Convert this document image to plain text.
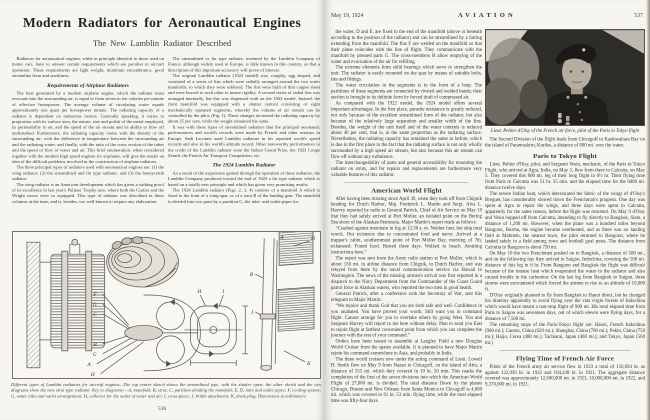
Modern Radiators for Aeronautical Engines
The New Lamblin Radiator Described

Radiators for aeronautical engines, while in principle identical to those used on motor cars, have to answer certain requirements which are peculiar to aircraft operation. These requirements are light weight, minimum encumbrance, good streamline form and sturdiness.

Requirements of Airplane Radiators

The heat generated by a modern airplane engine, which the radiator must evacuate into the surrounding air, is equal to from seven to ten calories per minute of effective horsepower. The average volume of circulating water equals approximately one quart per horsepower minute. The radiating capacity of a radiator is dependent on numerous factors. Generally speaking, it varies in proportion with its surface area, the nature, size and polish of the metal employed, its permeability to air, and the speed of the air stream and its ability to flow off undisturbed. Furthermore, the radiating capacity varies with the density of the surrounding air; with the difference in temperature between the surrounding air and the radiating water; and finally, with the ratio of the cross section of the tubes and the speed of flow of water and air. This brief enumeration, when considered together with the modern high speed engines for airplanes, will give the reader an idea of the difficult problems involved in the construction of airplane radiators.

The three principal types of radiators used with aeronautical engines are: (1) the wing radiator; (2) the streamlined and fin type radiator; and (3) the honeycomb radiator.

The wing radiator is an American development which has given a striking proof of its excellence in last year's Pulitzer Trophy race, where both the Curtiss and the Wright racers were so equipped. This type of radiator was described in these columns at the time, and is, besides, too well known to require any elaboration.

The streamlined or fin type radiator, invented by the Lamblin Company of France, although widely used in Europe, is little known in this country, so that a description of this important accessory will prove of interest.

The original Lamblin radiator (1922 model) was, roughly, egg shaped, and consisted of a series of fins which were radially arranged around the two water manifolds, to which they were soldered. The fins were built of thin copper sheet and were braced to each other to insure rigidity. A second series of radial fins was arranged internally, but this was dispensed with on the 1923 model. Instead, the front manifold was equipped with a shutter control consisting of eight mechanically operated segments, whereby the volume of air stream can be controlled by the pilot. (Fig. 1). These changes increased the radiating capacity by about 25 per cent, while the weight remained the same.

It was with these types of streamlined radiators that the principal aeronautic performances and world's records were made by French and other aviators in Europe. Sadi Lecointe used Lamblin radiators in his repeated world's speed records and also in his world's altitude record. Other noteworthy performances to the credit of the Lamblin radiator were the Italian Grand Prize, the 1923 Coupe Zenith, the French Air Transport Competition, etc.

The 1924 Lamblin Radiator

As a result of the experience gained through the operation of these radiators, the Lamblin Company produced toward the end of 1923 a fin type radiator which is based on a totally new principle and which has given very promising results.

The 1924 Lamblin radiator (Figs. 2, 3, 4) consists of a manifold A which is fixed to the front of a wing-spar, or of a strut B of the landing gear. The manifold is divided into two parts by a partition C; the inlet- and outlet-pipes for

F
G
C
B
G
A
H
H	I
B
J
K
D
A

Different types of Lamblin radiators for aircraft engines—The top center sketch shows the streamlined type, with the shutter open; the other sketch and the two diagrams show the new strut type radiator. Key to diagrams:—A, manifold; B, strut; C, partition dividing the manifold; E, D, inlet and outlet pipes; F, cooling system; G, water inlet and outlet arrangement; H, collector for the outlet of water and air; I, cross-piece; J, bridle attachment; K, drain plug. Dimensions in millimeters

536
May 19, 1924	AVIATION	537

the water, D and E, are fixed to the end of the manifold (above or beneath according to the position of the radiator) and can be streamlined by a fairing extending from the manifold. The fins F are welded on the manifold so that their plane coincides with the line of flight. They communicate with the manifold by pressed parts G. The cross-members H allow emptying of the water and evacuation of the air for refilling.

The extreme elements form solid bearings which serve to strengthen the unit. The radiator is easily mounted on the spar by means of suitable bolts, ties and fittings.

The water circulation in the segments is in the form of a loop. The partitions of these segments are connected by riveted and welded bands; their section is brought to its definite form by forced draft of compressed air.

As compared with the 1922 model, the 1924 model offers several important advantages. In the first place, parasite resistance is greatly reduced, not only because of the excellent streamlined form of the radiator, but also because of the relatively large separation and smaller width of the fins. Besides, the weight of the unit itself and of the water contents is reduced about 40 per cent, that is, in the same proportion as the radiating surface. Nevertheless, the radiating capacity has remained the same as before, which is due in the first place to the fact that the radiating surface is not only wholly surrounded by a high speed air stream, but also because this air stream can flow off without any turbulence.

The interchangeability of parts and general accessibility for mounting the radiator on struts, and for repairs and replacements are furthermore very valuable features of this radiator.

American World Flight

After having been missing since April 30, when they took off from Chignik heading for Dutch Harbor, Maj. Frederick L. Martin and Sergt. Alva L. Harvey reported by radio to General Patrick, Chief of Air Service on May 10 that they had safely arrived at Port Moller, an isolated point on the Bering Sea shore of the Alaskan Peninsula. Major Martin's report reads as follows:

“Crashed against mountain in fog at 12:30 a. m. Neither hurt, but ship total wreck. Our existence due to concentrated food and nerve. Arrived at a trapper's cabin, southernmost point of Port Moller Bay, morning of 7th, exhausted. Found food. Rested three days. Walked to beach. Awaiting instructions here.”

The report was sent from the Army radio station at Port Moller, which is about 130 mi. in airline distance from Chignik, to Dutch Harbor, and was relayed from there by the naval communication service via Hawaii to Washington. The news of the missing airmen's arrival was first reported in a dispatch to the Navy Department from the Commander of the Coast Guard patrol force in Alaskan waters, who reported the two men in good health.

General Patrick, after a conference with the Secretary of War, sent this telegram to Major Martin:

“We rejoice and thank God that you are both safe and well. Confidence in you unabated. You have proved your worth. Still want you in command flight. Cannot arrange for you to overtake others by going West. You and Sergeant Harvey will report to me here without delay. Plan to send you East to rejoin flight at farthest convenient point from which you can complete the journey with the rest of your command.”

Orders have been issued to assemble at Langley Field a new Douglas World Cruiser from the spares available. It is planned to have Major Martin rejoin his command somewhere in Asia, and probably in India.

The three world cruisers now under the acting command of Lieut. Lowell H. Smith flew on May 9 from Nazan to Chicagoff, on the island of Attu, a distance of 555 mi. which they covered in 10 hr. 50 min. This marks the completion of the first of the seven divisions into which the American World Flight of 27,000 mi. is divided. The total distance flown by the planes Chicago, Boston and New Orleans from Santa Monica to Chicagoff is 4,600 mi. which was covered in 61 hr. 53 min. flying time, while the total elapsed time was fifty-four days.

Lieut. Peltier d'Oisy of the French air force, pilot of the Paris to Tokyo flight

The Second Division of the flight leads from Chicagoff to Kashiwabara Bay on the island of Paramushiru, Kuriles, a distance of 800 mi. over the water.

Paris to Tokyo Flight

Lieut. Peltier d'Oisy, pilot, and Sergeant Vesin, mechanic, of the Paris to Tokyo Flight, who arrived at Agra, India, on May 3, flew from there to Calcutta, on May 5. They covered this 800 mi. leg of their long flight in 6½ hr. Their flying time from Paris to Calcutta was 51 hr. 35 min. and the elapsed time for the 6000 mi. distance twelve days.

The severe Indian heat, which deteriorated the fabric of the wings of d'Oisy's Breguet, has considerably slowed down the Frenchman's progress. One day was spent at Agra to repair the wings, and three days were spent in Calcutta, apparently for the same reason, before the flight was resumed. On May 9 d'Oisy and Vesin hopped off from Calcutta, intending to fly directly to Bangkok, Siam, a distance of 1,200 mi. However, when the plane was a hundred miles beyond Rangoon, Burma, the engine became overheated, and as there was no landing field at Malmein, the nearest town, the pilot returned to Rangoon, where he landed safely in a field among rows and football goal posts. The distance from Calcutta to Rangoon is about 750 mi.

On May 10 the two Frenchmen pushed on to Bangkok, a distance of 500 mi., and on the following day they arrived in Saigon, Indochina, covering the 500 mi. distance of this leg in 6 hr. From Rangoon and Bangkok the flight was difficult because of the intense heat which evaporated the water in the radiator and also caused trouble in the carburetor. On the last leg from Bangkok to Saigon, three storms were encountered which forced the airmen to rise to an altitude of 10,000 ft.

D'Oisy originally planned to fly from Bangkok to Hanoi direct, but he changed his itinerary apparently to avoid flying over the vast virgin forests of Indochina which would have meant a non-stop flight of 900 mi. His total elapsed time from Paris to Saigon was seventeen days, out of which eleven were flying days, for a distance of 7,500 mi.

The remaining stops of the Paris-Tokyo flight are: Hanoi, French Indochina (900 mi.); Canton, China (620 mi.); Shanghai, China (780 mi.); Pekin, China (750 mi.); Haiju, Corea (480 mi.); Tachiarai, Japan (460 mi.); and Tokyo, Japan (560 mi.)

Flying Time of French Air Force

Pilots of the French army air service flew in 1923 a total of 156,694 hr. as against 122,930 hr. in 1922 and 104,438 hr. in 1921. The aggregate distance covered was approximately 12,600,000 mi. in 1923, 10,000,000 mi. in 1922, and 9,370,000 mi. in 1921.
